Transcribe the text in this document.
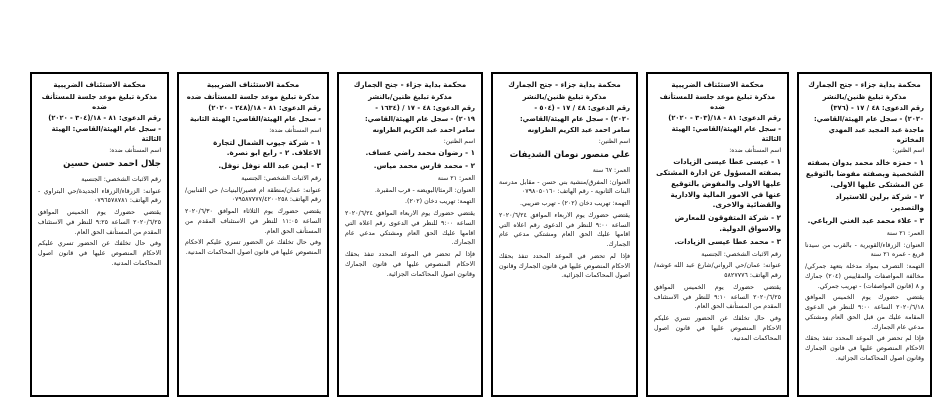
محكمة بداية جزاء - جنح الجمارك
مذكرة تبليغ ظنين/بالنشر
رقم الدعوى: ٤٨ / ١٧ - (٣٧٦)
٢٠٢٠) - سجل عام الهيئة/القاضي:
ماجدة عبد المجيد عبد المهدي المخاتره
اسم الظنين:
١ - حمزه خالد محمد بدوان بصفته الشخصية وبصفته مفوضا بالتوقيع عن المشتكى عليها الاولى.
٢ - شركة برلين للاستيراد والتصدير.
٣ - علاء محمد عبد الغني الرباعي.
العمر: ٢١ سنة
العنوان: الزرقاء/القويرية - بالقرب من سيدنا قريع - عمره ٢١ سنة
التهمة: التصرف بمواد مدخلة بتعهد جمركي/مخالفة المواصفات والمقاييس (٢٠٤) جمارك و ٨ (قانون المواصفات) - تهريب جمركي.
يقتضي حضورك يوم الخميس الموافق ٢٠٢٠/٦/١٨ الساعة ٩:٠٠ للنظر في الدعوى المقامة عليك من قبل الحق العام ومشتكي مدعي عام الجمارك.
فإذا لم تحضر في الموعد المحدد تنفذ بحقك الاحكام المنصوص عليها في قانون الجمارك وقانون اصول المحاكمات الجزائية.
محكمة الاستئناف الضريبية
مذكرة تبليغ موعد جلسة للمستأنف ضده
رقم الدعوى: ٨١ - ١٨/(٣٠٣ - ٢٠٢٠)
- سجل عام الهيئة/القاضي: الهيئة الثالثة
اسم المستأنف ضده:
١ - عيسى عطا عيسى الزيادات بصفته المسؤول عن ادارة المشتكى عليها الاولى والمفوض بالتوقيع عنها في الامور المالية والادارية والقضائية والاخرى.
٢ - شركة المتفوقون للمعارض والاسواق الدولية.
٣ - محمد عطا عيسى الزيادات.
رقم الاثبات الشخصي: الجنسية
عنوانه: عمان/حي الرواني/شارع عبد الله غوشة/رقم الهاتف: ٥٨٢٧٧٧٦
يقتضي حضورك يوم الخميس الموافق ٢٠٢٠/٦/٢٥ الساعة ٩:١٠ للنظر في الاستئناف المقدم من المستأنف الحق العام.
وفي حال تخلفك عن الحضور تسري عليكم الاحكام المنصوص عليها في قانون اصول المحاكمات المدنية.
محكمة بداية جزاء - جنح الجمارك
مذكرة تبليغ ظنين/بالنشر
رقم الدعوى: ٤٨ / ١٧ - (٥٠٤ -
٢٠٢٠) - سجل عام الهيئة/القاضي:
سامر احمد عبد الكريم الطراونه
اسم الظنين:
علي منصور نومان الشديفات
العمر: ٦٧ سنة
العنوان: المفرق/منشية بني حسن - مقابل مدرسة البنات الثانوية - رقم الهاتف: ٠٧٩٨٠٥٠١٦٠
التهمة: تهريب دخان (٢٠٢) - تهرب ضريبي.
يقتضي حضورك يوم الاربعاء الموافق ٢٠٢٠/٦/٢٤ الساعة ٩:٠٠ للنظر في الدعوى رقم اعلاه التي اقامها عليك الحق العام ومشتكي مدعي عام الجمارك.
فإذا لم تحضر في الموعد المحدد تنفذ بحقك الاحكام المنصوص عليها في قانون الجمارك وقانون اصول المحاكمات الجزائية.
محكمة بداية جزاء - جنح الجمارك
مذكرة تبليغ ظنين/بالنشر
رقم الدعوى: ٤٨ - ١٧ / (١٦٣٤ -
٢٠١٩) - سجل عام الهيئة/القاضي:
سامر احمد عبد الكريم الطراونه
اسم الظنين:
١ - رضوان محمد راضي عساف.
٢ - محمد فارس محمد مياس.
العمر: ٢١ سنة
العنوان: الرمثا/البويضه - قرب المقبرة.
التهمة: تهريب دخان (٢٠٢).
يقتضي حضورك يوم الاربعاء الموافق ٢٠٢٠/٦/٢٤ الساعة ٩:٠٠ للنظر في الدعوى رقم اعلاه التي اقامها عليك الحق العام ومشتكي مدعي عام الجمارك.
فإذا لم تحضر في الموعد المحدد تنفذ بحقك الاحكام المنصوص عليها في قانون الجمارك وقانون اصول المحاكمات الجزائية.
محكمة الاستئناف الضريبية
مذكرة تبليغ موعد جلسة للمستأنف ضده
رقم الدعوى: ٨١ - ١٨/(٢٤٨ - ٢٠٢٠)
- سجل عام الهيئة/القاضي: الهيئة الثانية
اسم المستأنف ضده:
١ - شركة جيوب الشمال لتجارة الاعلاف. ٢ - رابع ابو نصرة.
٣ - ايمن عبد الله نوفل نوفل.
رقم الاثبات الشخصي: الجنسية
عنوانه: عمان/منطقة ام قصير/البنيات/ حي القنابين/رقم الهاتف: ٠٧٩٥٨٧٧٧٧/٤٢٠٠٢٥٨
يقتضي حضورك يوم الثلاثاء الموافق ٢٠٢٠/٦/٣٠ الساعة ١١:٠٥ للنظر في الاستئناف المقدم من المستأنف الحق العام.
وفي حال تخلفك عن الحضور تسري عليكم الاحكام المنصوص عليها في قانون اصول المحاكمات المدنية.
محكمة الاستئناف الضريبية
مذكرة تبليغ موعد جلسة للمستأنف ضده
رقم الدعوى: ٨١ - ١٨/(٣٠٤ - ٢٠٢٠)
- سجل عام الهيئة/القاضي: الهيئة الثالثة
اسم المستأنف ضده:
جلال احمد حسن حسين
رقم الاثبات الشخصي: الجنسية
عنوانه: الزرقاء/الزرقاء الجديدة/حي البتراوي - رقم الهاتف: ٠٧٩٦٥٧٨٧٨١
يقتضي حضورك يوم الخميس الموافق ٢٠٢٠/٦/٢٥ الساعة ٩:٢٥ للنظر في الاستئناف المقدم من المستأنف الحق العام.
وفي حال تخلفك عن الحضور تسري عليكم الاحكام المنصوص عليها في قانون اصول المحاكمات المدنية.
